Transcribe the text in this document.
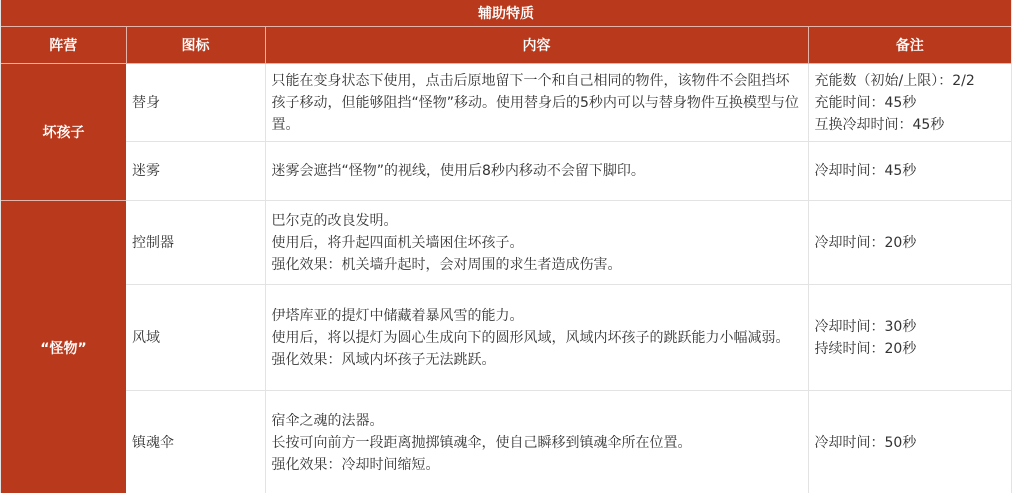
辅助特质
阵营	图标	内容	备注
坏孩子	替身	只能在变身状态下使用，点击后原地留下一个和自己相同的物件，该物件不会阻挡坏孩子移动，但能够阻挡“怪物”移动。使用替身后的5秒内可以与替身物件互换模型与位置。	充能数（初始/上限）：2/2
充能时间：45秒
互换冷却时间：45秒

	迷雾	迷雾会遮挡“怪物”的视线，使用后8秒内移动不会留下脚印。	冷却时间：45秒

“怪物”	控制器	巴尔克的改良发明。
使用后，将升起四面机关墙困住坏孩子。
强化效果：机关墙升起时，会对周围的求生者造成伤害。	冷却时间：20秒

	风域	伊塔库亚的提灯中储藏着暴风雪的能力。
使用后，将以提灯为圆心生成向下的圆形风域，风域内坏孩子的跳跃能力小幅减弱。
强化效果：风域内坏孩子无法跳跃。	冷却时间：30秒
持续时间：20秒

	镇魂伞	宿伞之魂的法器。
长按可向前方一段距离抛掷镇魂伞，使自己瞬移到镇魂伞所在位置。
强化效果：冷却时间缩短。	冷却时间：50秒
